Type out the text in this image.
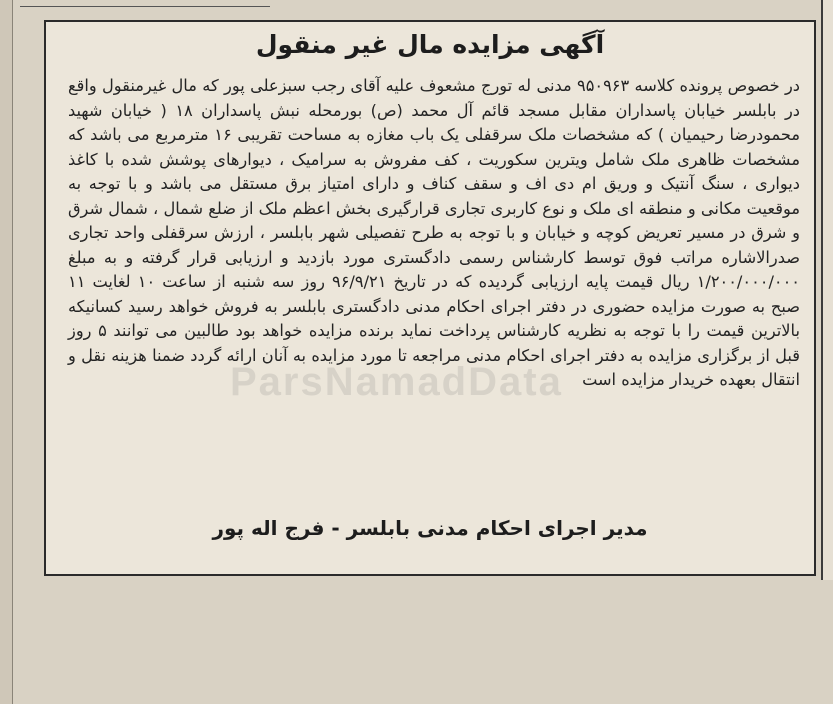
آگهی مزایده مال غیر منقول
در خصوص پرونده کلاسه ۹۵۰۹۶۳ مدنی له تورج مشعوف علیه آقای رجب سبزعلی پور که مال غیرمنقول واقع در بابلسر خیابان پاسداران مقابل مسجد قائم آل محمد (ص) بورمحله نبش پاسداران ۱۸ ( خیابان شهید محمودرضا رحیمیان ) که مشخصات ملک سرقفلی یک باب مغازه به مساحت تقریبی ۱۶ مترمربع می باشد که مشخصات ظاهری ملک شامل ویترین سکوریت ، کف مفروش به سرامیک ، دیوارهای پوشش شده با کاغذ دیواری ، سنگ آنتیک و وریق ام دی اف و سقف کناف و دارای امتیاز برق مستقل می باشد و با توجه به موقعیت مکانی و منطقه ای ملک و نوع کاربری تجاری قرارگیری بخش اعظم ملک از ضلع شمال ، شمال شرق و شرق در مسیر تعریض کوچه و خیابان و با توجه به طرح تفصیلی شهر بابلسر ، ارزش سرقفلی واحد تجاری صدرالاشاره مراتب فوق توسط کارشناس رسمی دادگستری مورد بازدید و ارزیابی قرار گرفته و به مبلغ ۱/۲۰۰/۰۰۰/۰۰۰ ریال قیمت پایه ارزیابی گردیده که در تاریخ ۹۶/۹/۲۱ روز سه شنبه از ساعت ۱۰ لغایت ۱۱ صبح به صورت مزایده حضوری در دفتر اجرای احکام مدنی دادگستری بابلسر به فروش خواهد رسید کسانیکه بالاترین قیمت را با توجه به نظریه کارشناس پرداخت نماید برنده مزایده خواهد بود طالبین می توانند ۵ روز قبل از برگزاری مزایده به دفتر اجرای احکام مدنی مراجعه تا مورد مزایده به آنان ارائه گردد ضمنا هزینه نقل و انتقال بعهده خریدار مزایده است
مدیر اجرای احکام مدنی بابلسر - فرج اله پور
